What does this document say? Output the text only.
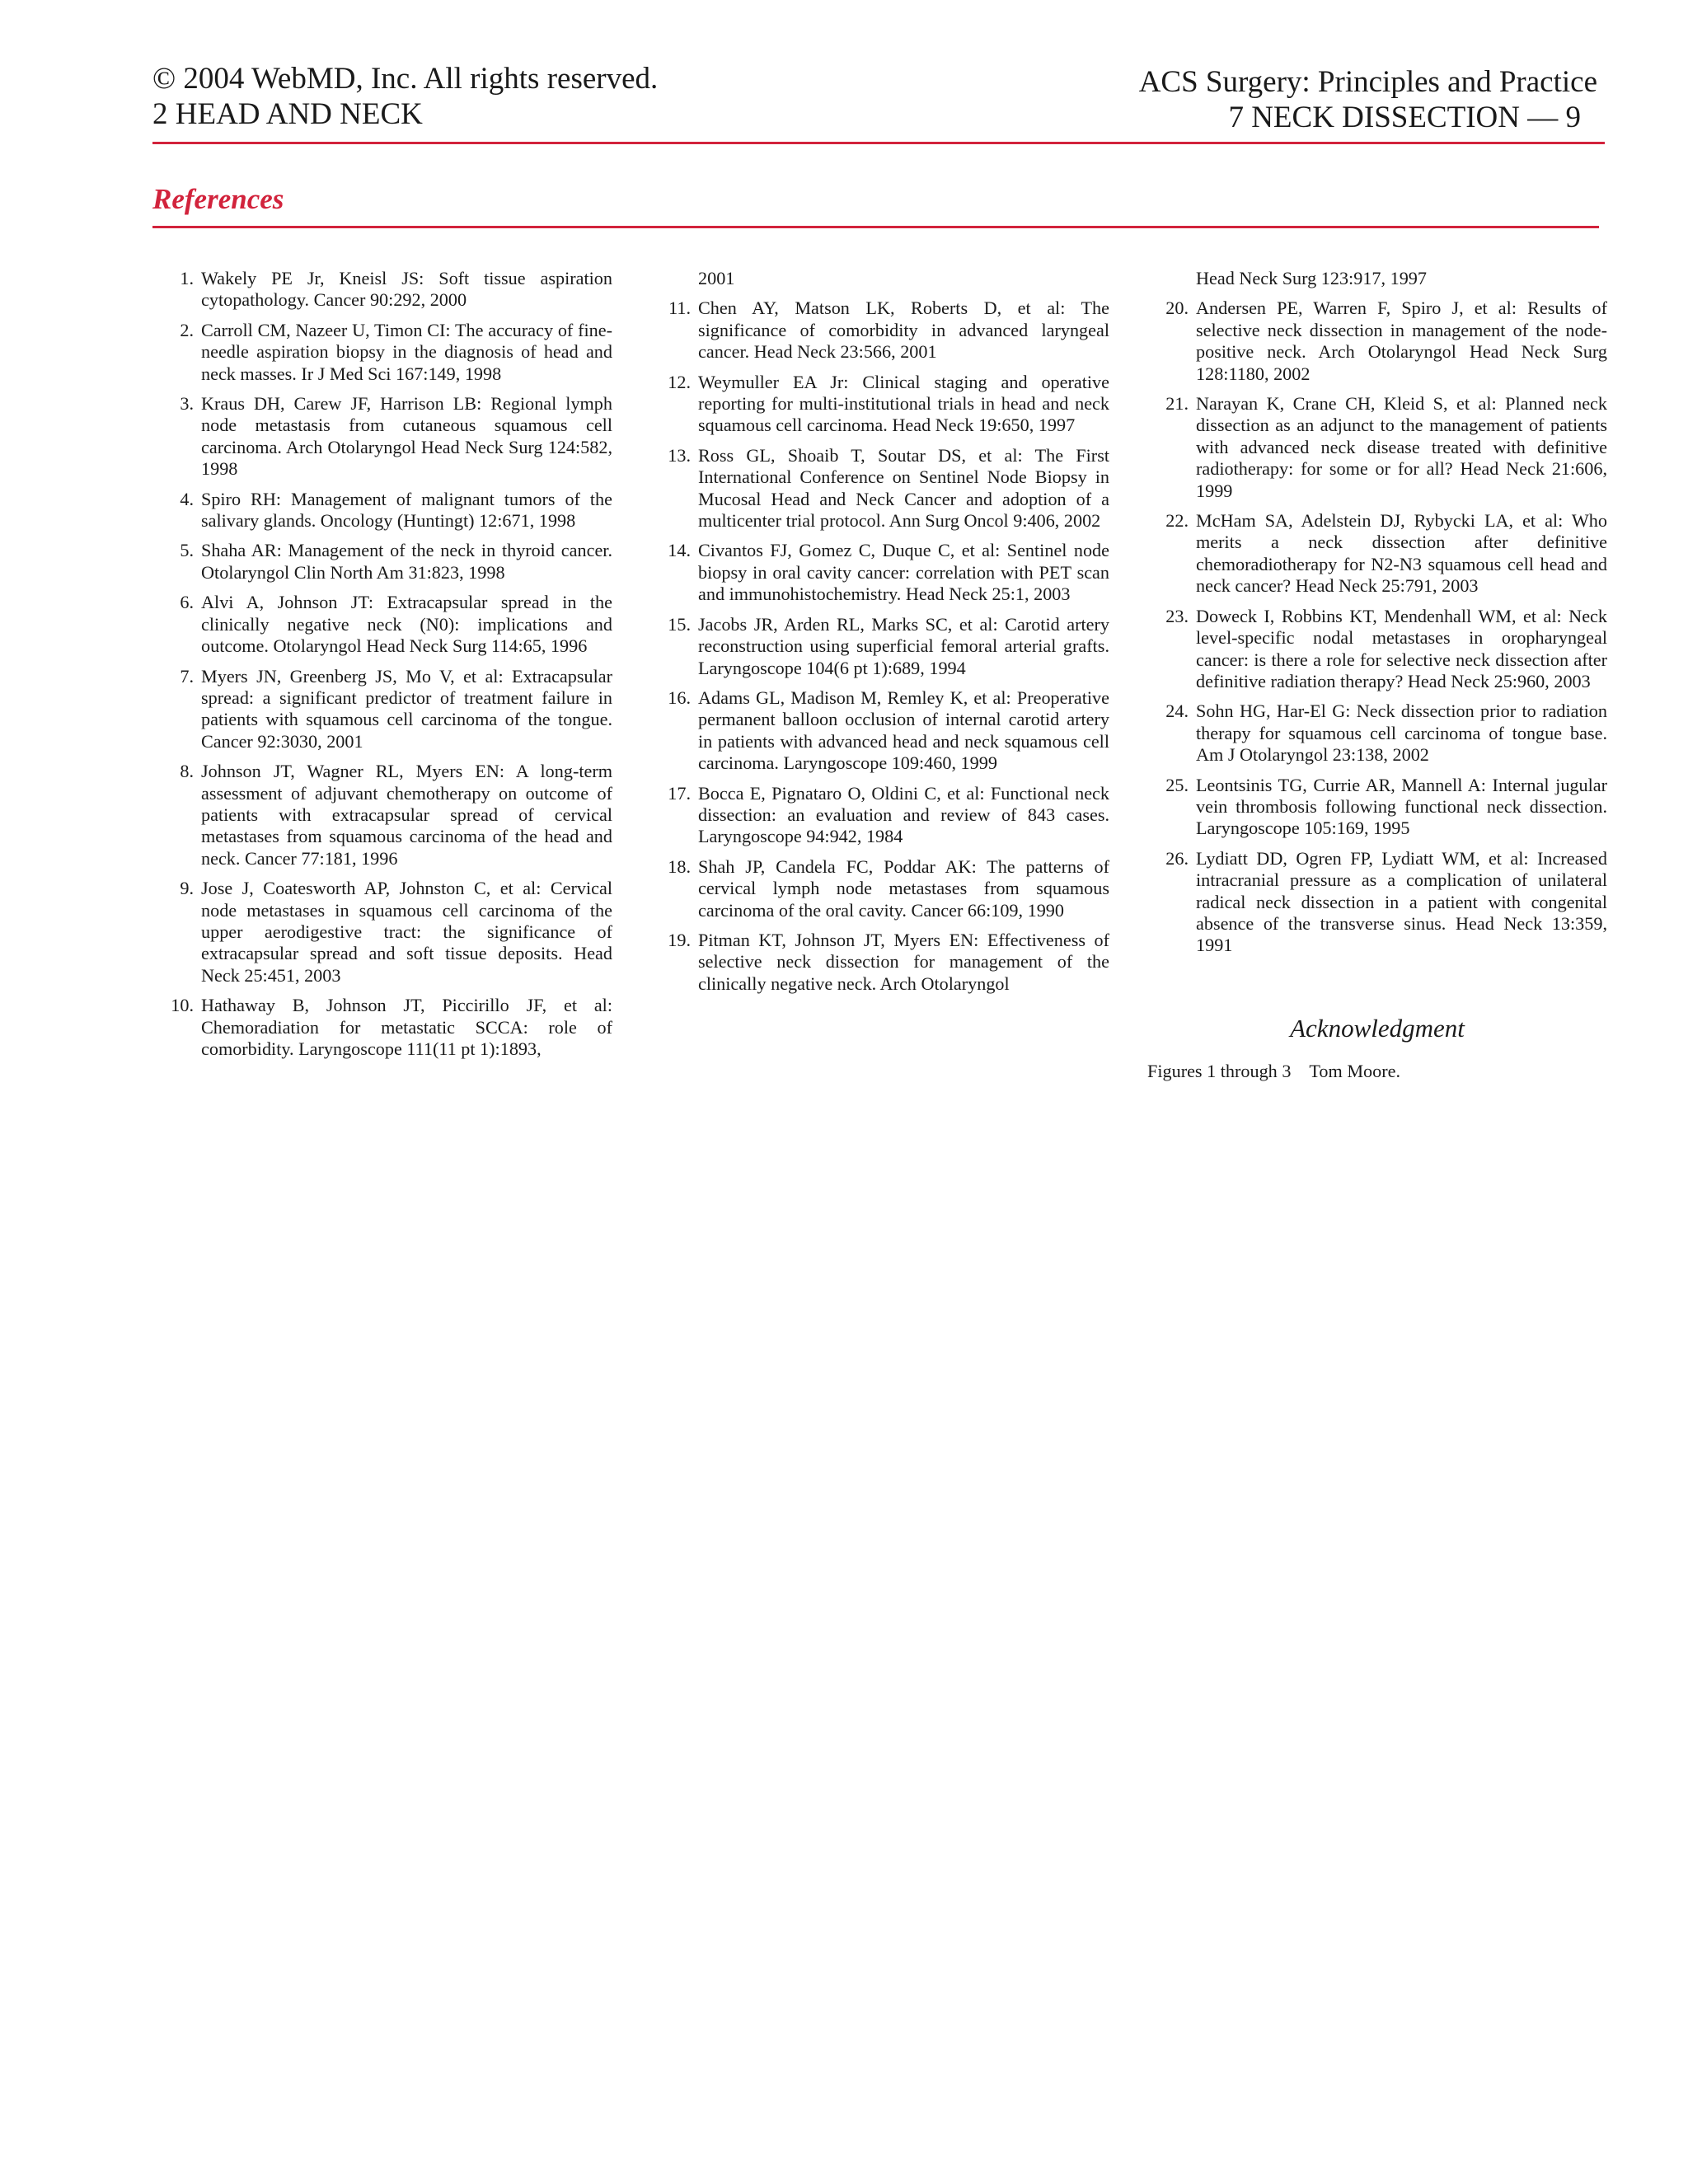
© 2004 WebMD, Inc. All rights reserved.
2 HEAD AND NECK
ACS Surgery: Principles and Practice
7 NECK DISSECTION — 9
References
1. Wakely PE Jr, Kneisl JS: Soft tissue aspiration cytopathology. Cancer 90:292, 2000
2. Carroll CM, Nazeer U, Timon CI: The accuracy of fine-needle aspiration biopsy in the diagnosis of head and neck masses. Ir J Med Sci 167:149, 1998
3. Kraus DH, Carew JF, Harrison LB: Regional lymph node metastasis from cutaneous squamous cell carcinoma. Arch Otolaryngol Head Neck Surg 124:582, 1998
4. Spiro RH: Management of malignant tumors of the salivary glands. Oncology (Huntingt) 12:671, 1998
5. Shaha AR: Management of the neck in thyroid cancer. Otolaryngol Clin North Am 31:823, 1998
6. Alvi A, Johnson JT: Extracapsular spread in the clinically negative neck (N0): implications and outcome. Otolaryngol Head Neck Surg 114:65, 1996
7. Myers JN, Greenberg JS, Mo V, et al: Extracapsular spread: a significant predictor of treatment failure in patients with squamous cell carcinoma of the tongue. Cancer 92:3030, 2001
8. Johnson JT, Wagner RL, Myers EN: A long-term assessment of adjuvant chemotherapy on outcome of patients with extracapsular spread of cervical metastases from squamous carcinoma of the head and neck. Cancer 77:181, 1996
9. Jose J, Coatesworth AP, Johnston C, et al: Cervical node metastases in squamous cell carcinoma of the upper aerodigestive tract: the significance of extracapsular spread and soft tissue deposits. Head Neck 25:451, 2003
10. Hathaway B, Johnson JT, Piccirillo JF, et al: Chemoradiation for metastatic SCCA: role of comorbidity. Laryngoscope 111(11 pt 1):1893,
2001
11. Chen AY, Matson LK, Roberts D, et al: The significance of comorbidity in advanced laryngeal cancer. Head Neck 23:566, 2001
12. Weymuller EA Jr: Clinical staging and operative reporting for multi-institutional trials in head and neck squamous cell carcinoma. Head Neck 19:650, 1997
13. Ross GL, Shoaib T, Soutar DS, et al: The First International Conference on Sentinel Node Biopsy in Mucosal Head and Neck Cancer and adoption of a multicenter trial protocol. Ann Surg Oncol 9:406, 2002
14. Civantos FJ, Gomez C, Duque C, et al: Sentinel node biopsy in oral cavity cancer: correlation with PET scan and immunohistochemistry. Head Neck 25:1, 2003
15. Jacobs JR, Arden RL, Marks SC, et al: Carotid artery reconstruction using superficial femoral arterial grafts. Laryngoscope 104(6 pt 1):689, 1994
16. Adams GL, Madison M, Remley K, et al: Preoperative permanent balloon occlusion of internal carotid artery in patients with advanced head and neck squamous cell carcinoma. Laryngoscope 109:460, 1999
17. Bocca E, Pignataro O, Oldini C, et al: Functional neck dissection: an evaluation and review of 843 cases. Laryngoscope 94:942, 1984
18. Shah JP, Candela FC, Poddar AK: The patterns of cervical lymph node metastases from squamous carcinoma of the oral cavity. Cancer 66:109, 1990
19. Pitman KT, Johnson JT, Myers EN: Effectiveness of selective neck dissection for management of the clinically negative neck. Arch Otolaryngol
Head Neck Surg 123:917, 1997
20. Andersen PE, Warren F, Spiro J, et al: Results of selective neck dissection in management of the node-positive neck. Arch Otolaryngol Head Neck Surg 128:1180, 2002
21. Narayan K, Crane CH, Kleid S, et al: Planned neck dissection as an adjunct to the management of patients with advanced neck disease treated with definitive radiotherapy: for some or for all? Head Neck 21:606, 1999
22. McHam SA, Adelstein DJ, Rybycki LA, et al: Who merits a neck dissection after definitive chemoradiotherapy for N2-N3 squamous cell head and neck cancer? Head Neck 25:791, 2003
23. Doweck I, Robbins KT, Mendenhall WM, et al: Neck level-specific nodal metastases in oropharyngeal cancer: is there a role for selective neck dissection after definitive radiation therapy? Head Neck 25:960, 2003
24. Sohn HG, Har-El G: Neck dissection prior to radiation therapy for squamous cell carcinoma of tongue base. Am J Otolaryngol 23:138, 2002
25. Leontsinis TG, Currie AR, Mannell A: Internal jugular vein thrombosis following functional neck dissection. Laryngoscope 105:169, 1995
26. Lydiatt DD, Ogren FP, Lydiatt WM, et al: Increased intracranial pressure as a complication of unilateral radical neck dissection in a patient with congenital absence of the transverse sinus. Head Neck 13:359, 1991
Acknowledgment
Figures 1 through 3 Tom Moore.
